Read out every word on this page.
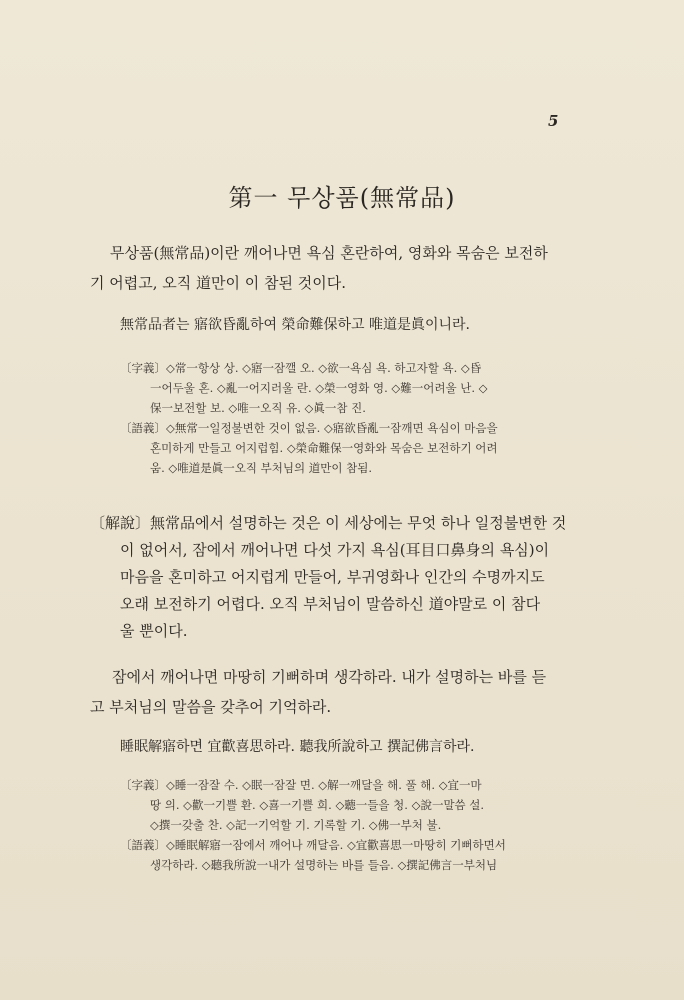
5
第一 무상품(無常品)
무상품(無常品)이란 깨어나면 욕심 혼란하여, 영화와 목숨은 보전하
기 어렵고, 오직 道만이 이 참된 것이다.
無常品者는 寤欲昏亂하여 榮命難保하고 唯道是眞이니라.
〔字義〕◇常一항상 상. ◇寤一잠깰 오. ◇欲一욕심 욕. 하고자할 욕. ◇昏
一어두울 혼. ◇亂一어지러울 란. ◇榮一영화 영. ◇難一어려울 난. ◇
保一보전할 보. ◇唯一오직 유. ◇眞一참 진.
〔語義〕◇無常一일정불변한 것이 없음. ◇寤欲昏亂一잠깨면 욕심이 마음을
혼미하게 만들고 어지럽힘. ◇榮命難保一영화와 목숨은 보전하기 어려
움. ◇唯道是眞一오직 부처님의 道만이 참됨.
〔解說〕無常品에서 설명하는 것은 이 세상에는 무엇 하나 일정불변한 것
이 없어서, 잠에서 깨어나면 다섯 가지 욕심(耳目口鼻身의 욕심)이
마음을 혼미하고 어지럽게 만들어, 부귀영화나 인간의 수명까지도
오래 보전하기 어렵다. 오직 부처님이 말씀하신 道야말로 이 참다
울 뿐이다.
잠에서 깨어나면 마땅히 기뻐하며 생각하라. 내가 설명하는 바를 듣
고 부처님의 말씀을 갖추어 기억하라.
睡眠解寤하면 宜歡喜思하라. 聽我所說하고 撰記佛言하라.
〔字義〕◇睡一잠잘 수. ◇眠一잠잘 면. ◇解一깨달을 해. 풀 해. ◇宜一마
땅 의. ◇歡一기쁠 환. ◇喜一기쁠 희. ◇聽一들을 청. ◇說一말씀 설.
◇撰一갖출 찬. ◇記一기억할 기. 기록할 기. ◇佛一부처 불.
〔語義〕◇睡眠解寤一잠에서 깨어나 깨달음. ◇宜歡喜思一마땅히 기뻐하면서
생각하라. ◇聽我所說一내가 설명하는 바를 들음. ◇撰記佛言一부처님
